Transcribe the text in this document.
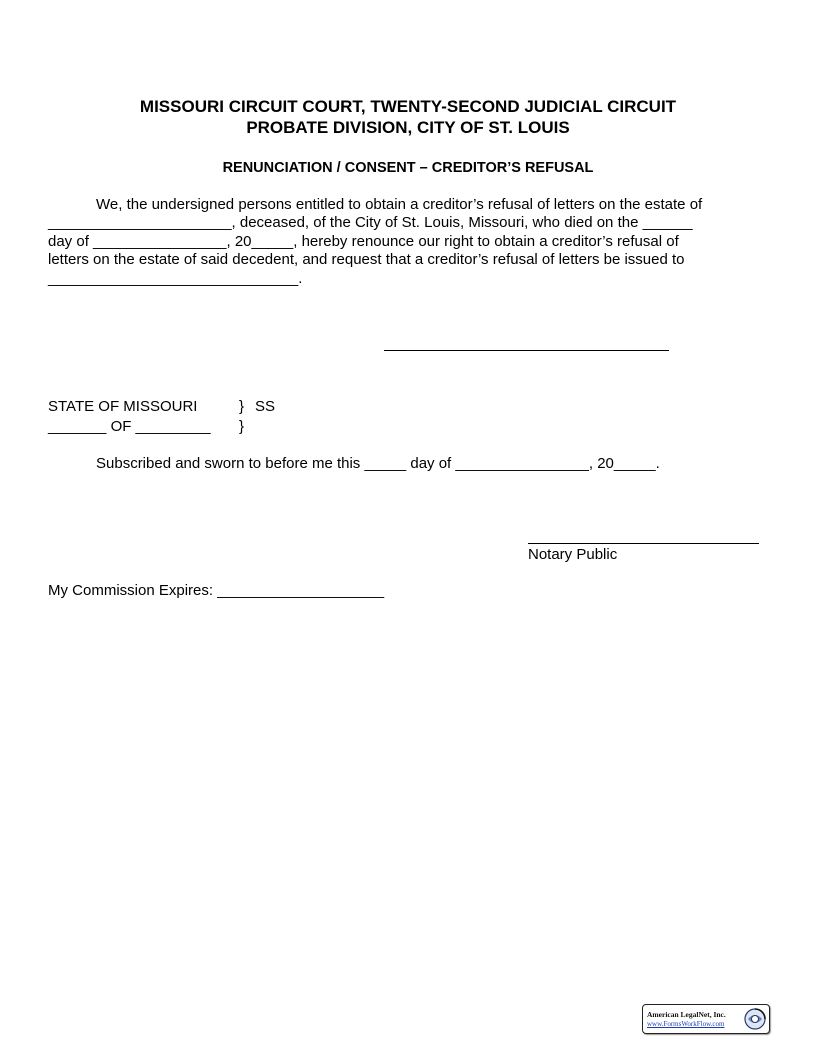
MISSOURI CIRCUIT COURT, TWENTY-SECOND JUDICIAL CIRCUIT
PROBATE DIVISION, CITY OF ST. LOUIS
RENUNCIATION / CONSENT – CREDITOR’S REFUSAL
We, the undersigned persons entitled to obtain a creditor’s refusal of letters on the estate of
______________________, deceased, of the City of St. Louis, Missouri, who died on the ______
day of ________________, 20_____, hereby renounce our right to obtain a creditor’s refusal of
letters on the estate of said decedent, and request that a creditor’s refusal of letters be issued to
______________________________.
STATE OF MISSOURI	} SS
_______ OF _________ }
Subscribed and sworn to before me this _____ day of ________________, 20_____.
Notary Public
My Commission Expires: ____________________
American LegalNet, Inc.
www.FormsWorkFlow.com
